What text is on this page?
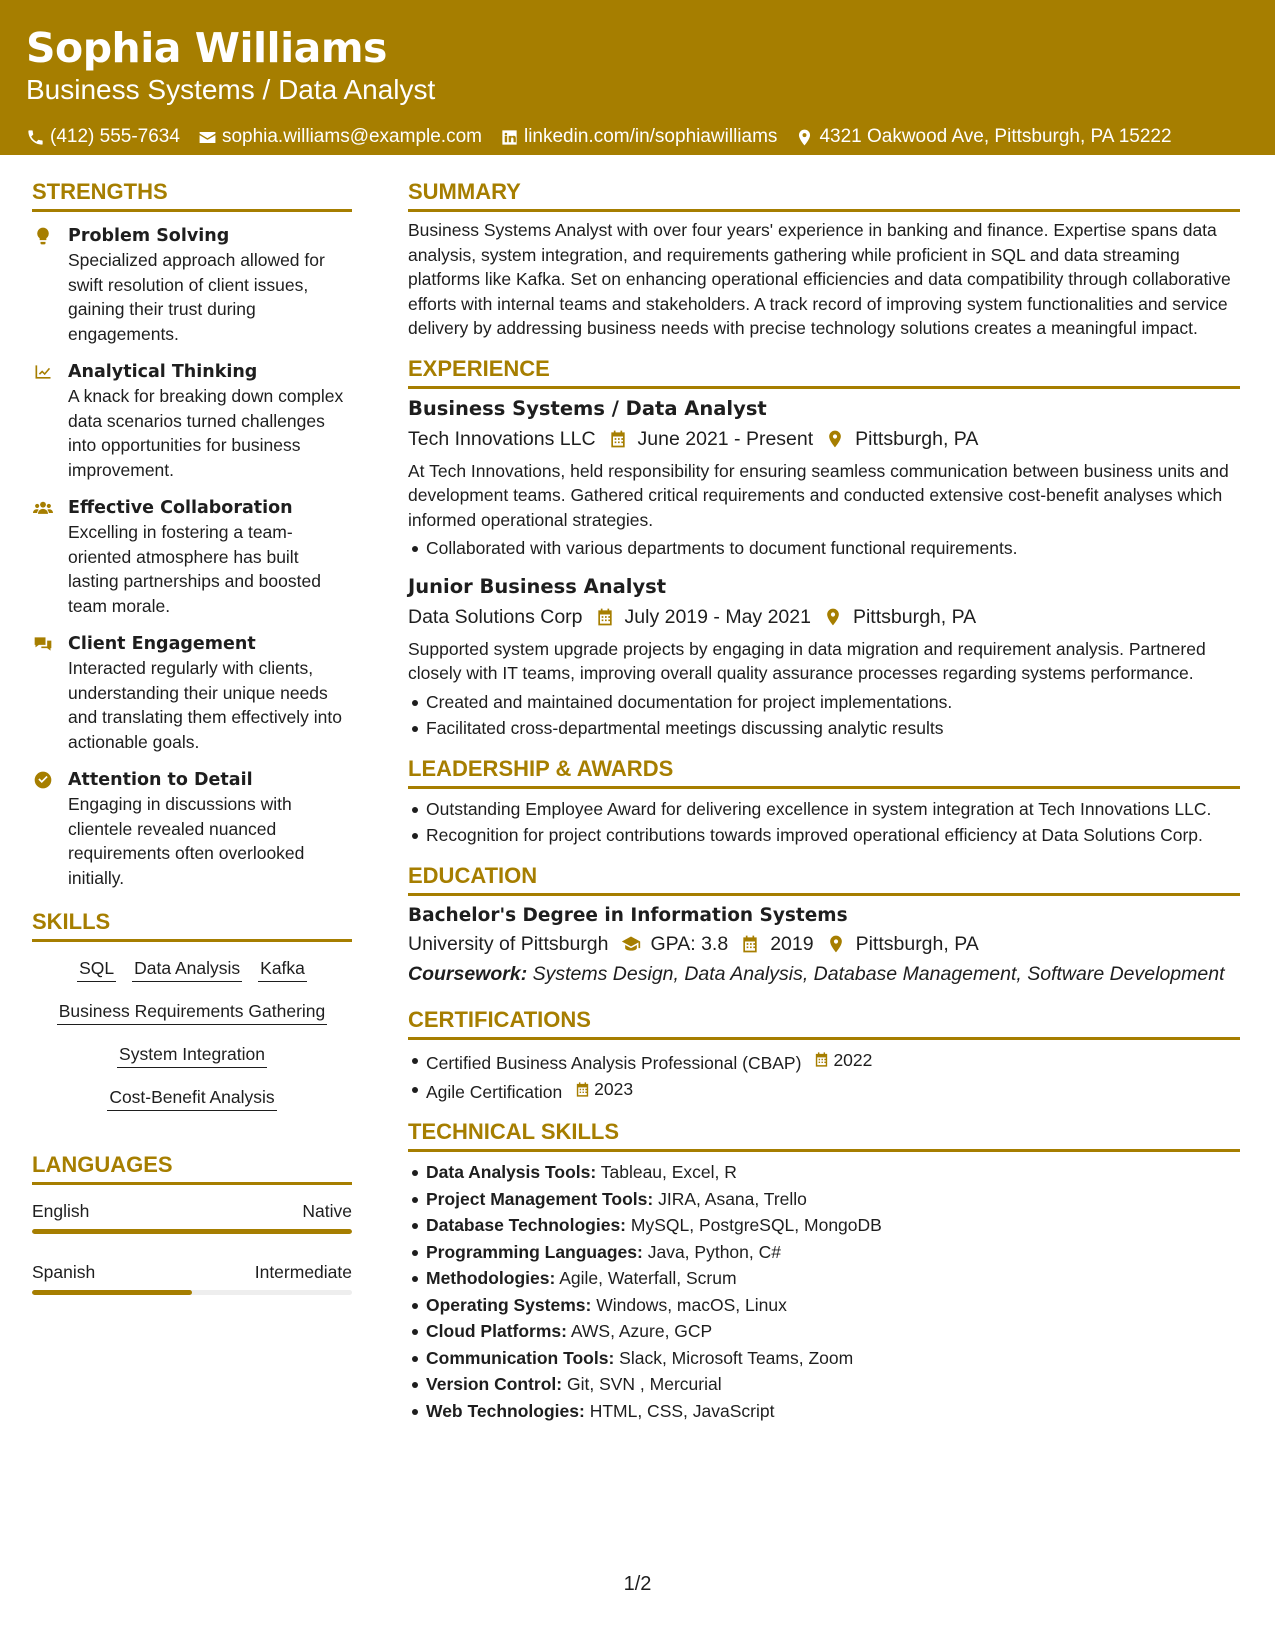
Sophia Williams
Business Systems / Data Analyst
(412) 555-7634 sophia.williams@example.com linkedin.com/in/sophiawilliams 4321 Oakwood Ave, Pittsburgh, PA 15222
STRENGTHS
Problem Solving
Specialized approach allowed for swift resolution of client issues, gaining their trust during engagements.
Analytical Thinking
A knack for breaking down complex data scenarios turned challenges into opportunities for business improvement.
Effective Collaboration
Excelling in fostering a team-oriented atmosphere has built lasting partnerships and boosted team morale.
Client Engagement
Interacted regularly with clients, understanding their unique needs and translating them effectively into actionable goals.
Attention to Detail
Engaging in discussions with clientele revealed nuanced requirements often overlooked initially.
SKILLS
SQL Data Analysis Kafka
Business Requirements Gathering
System Integration
Cost-Benefit Analysis
LANGUAGES
English	Native
Spanish	Intermediate
SUMMARY
Business Systems Analyst with over four years' experience in banking and finance. Expertise spans data analysis, system integration, and requirements gathering while proficient in SQL and data streaming platforms like Kafka. Set on enhancing operational efficiencies and data compatibility through collaborative efforts with internal teams and stakeholders. A track record of improving system functionalities and service delivery by addressing business needs with precise technology solutions creates a meaningful impact.
EXPERIENCE
Business Systems / Data Analyst
Tech Innovations LLC June 2021 - Present Pittsburgh, PA
At Tech Innovations, held responsibility for ensuring seamless communication between business units and development teams. Gathered critical requirements and conducted extensive cost-benefit analyses which informed operational strategies.
Collaborated with various departments to document functional requirements.
Junior Business Analyst
Data Solutions Corp July 2019 - May 2021 Pittsburgh, PA
Supported system upgrade projects by engaging in data migration and requirement analysis. Partnered closely with IT teams, improving overall quality assurance processes regarding systems performance.
Created and maintained documentation for project implementations.
Facilitated cross-departmental meetings discussing analytic results
LEADERSHIP & AWARDS
Outstanding Employee Award for delivering excellence in system integration at Tech Innovations LLC.
Recognition for project contributions towards improved operational efficiency at Data Solutions Corp.
EDUCATION
Bachelor's Degree in Information Systems
University of Pittsburgh GPA: 3.8 2019 Pittsburgh, PA
Coursework: Systems Design, Data Analysis, Database Management, Software Development
CERTIFICATIONS
Certified Business Analysis Professional (CBAP) 2022
Agile Certification 2023
TECHNICAL SKILLS
Data Analysis Tools: Tableau, Excel, R
Project Management Tools: JIRA, Asana, Trello
Database Technologies: MySQL, PostgreSQL, MongoDB
Programming Languages: Java, Python, C#
Methodologies: Agile, Waterfall, Scrum
Operating Systems: Windows, macOS, Linux
Cloud Platforms: AWS, Azure, GCP
Communication Tools: Slack, Microsoft Teams, Zoom
Version Control: Git, SVN , Mercurial
Web Technologies: HTML, CSS, JavaScript
1/2
